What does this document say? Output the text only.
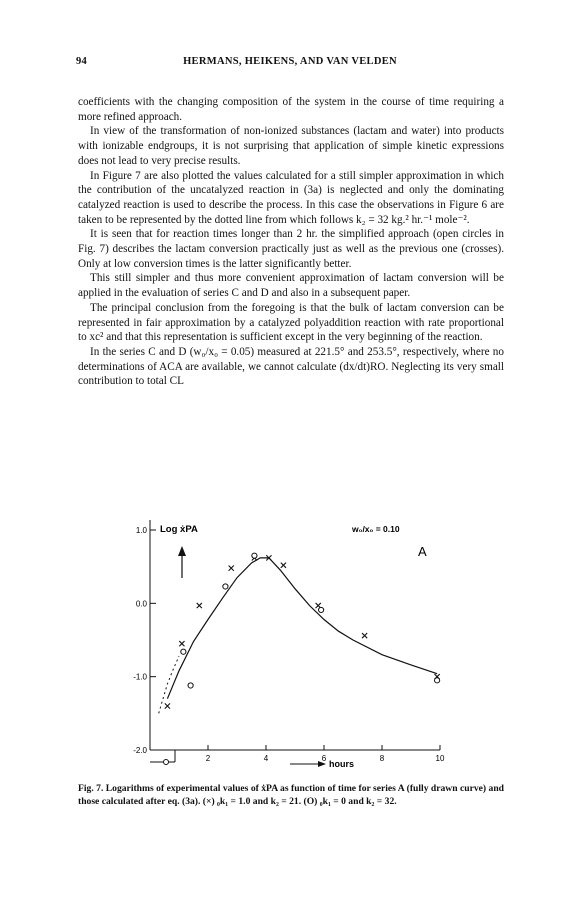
94	HERMANS, HEIKENS, AND VAN VELDEN

coefficients with the changing composition of the system in the course of time requiring a more refined approach.

In view of the transformation of non-ionized substances (lactam and water) into products with ionizable endgroups, it is not surprising that application of simple kinetic expressions does not lead to very precise results.

In Figure 7 are also plotted the values calculated for a still simpler approximation in which the contribution of the uncatalyzed reaction in (3a) is neglected and only the dominating catalyzed reaction is used to describe the process. In this case the observations in Figure 6 are taken to be represented by the dotted line from which follows k₂ = 32 kg.² hr.⁻¹ mole⁻².

It is seen that for reaction times longer than 2 hr. the simplified approach (open circles in Fig. 7) describes the lactam conversion practically just as well as the previous one (crosses). Only at low conversion times is the latter significantly better.

This still simpler and thus more convenient approximation of lactam conversion will be applied in the evaluation of series C and D and also in a subsequent paper.

The principal conclusion from the foregoing is that the bulk of lactam conversion can be represented in fair approximation by a catalyzed polyaddition reaction with rate proportional to xc² and that this representation is sufficient except in the very beginning of the reaction.

In the series C and D (w₀/x₀ = 0.05) measured at 221.5° and 253.5°, respectively, where no determinations of ACA are available, we cannot calculate (dx/dt)RO. Neglecting its very small contribution to total CL

Log ẋPA	w₀/x₀ = 0.10
A
hours
2	4	6	8	10
1.0
0.0
-1.0
-2.0
Fig. 7. Logarithms of experimental values of ẋPA as function of time for series A (fully drawn curve) and those calculated after eq. (3a). (×) ₀k₁ = 1.0 and k₂ = 21. (O) ₀k₁ = 0 and k₂ = 32.
